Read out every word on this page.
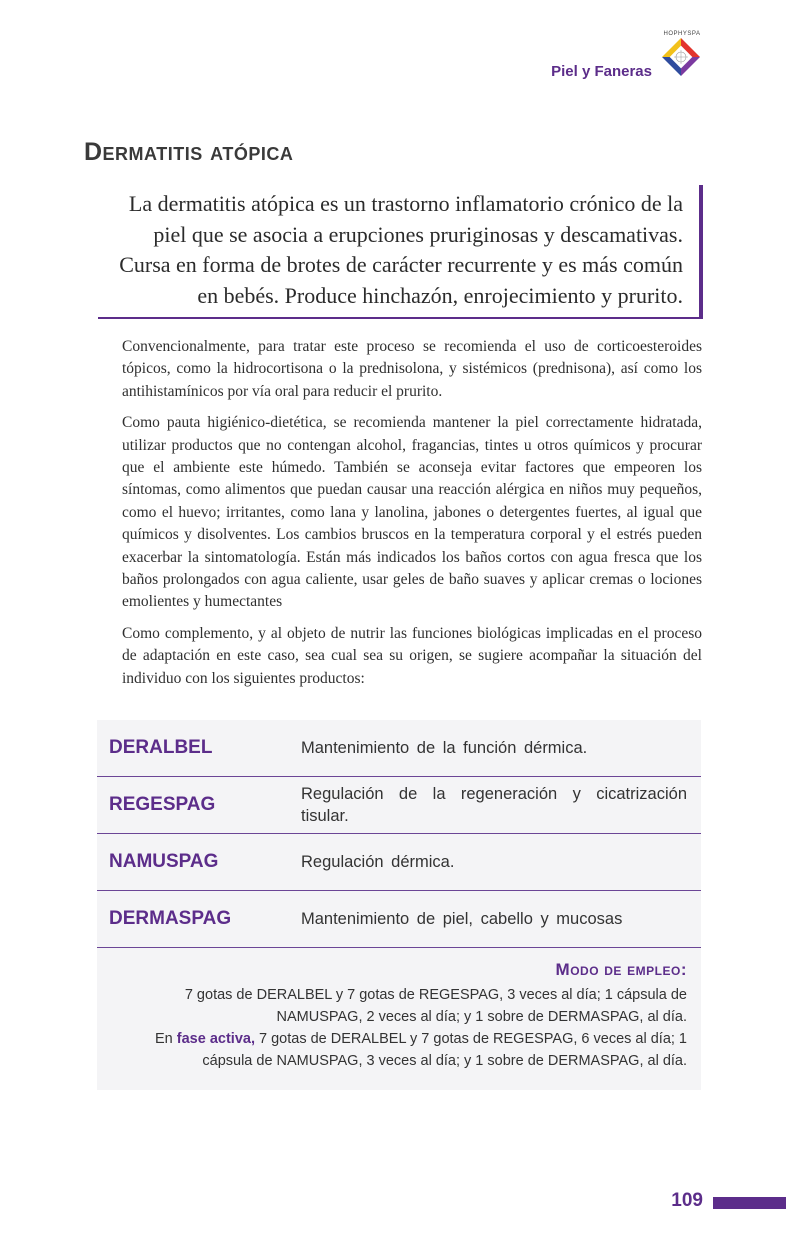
HOPHYSPA
Piel y Faneras
Dermatitis atópica

La dermatitis atópica es un trastorno inflamatorio crónico de la piel que se asocia a erupciones pruriginosas y descamativas. Cursa en forma de brotes de carácter recurrente y es más común en bebés. Produce hinchazón, enrojecimiento y prurito.

Convencionalmente, para tratar este proceso se recomienda el uso de corticoesteroides tópicos, como la hidrocortisona o la prednisolona, y sistémicos (prednisona), así como los antihistamínicos por vía oral para reducir el prurito.

Como pauta higiénico-dietética, se recomienda mantener la piel correctamente hidratada, utilizar productos que no contengan alcohol, fragancias, tintes u otros químicos y procurar que el ambiente este húmedo. También se aconseja evitar factores que empeoren los síntomas, como alimentos que puedan causar una reacción alérgica en niños muy pequeños, como el huevo; irritantes, como lana y lanolina, jabones o detergentes fuertes, al igual que químicos y disolventes. Los cambios bruscos en la temperatura corporal y el estrés pueden exacerbar la sintomatología. Están más indicados los baños cortos con agua fresca que los baños prolongados con agua caliente, usar geles de baño suaves y aplicar cremas o lociones emolientes y humectantes

Como complemento, y al objeto de nutrir las funciones biológicas implicadas en el proceso de adaptación en este caso, sea cual sea su origen, se sugiere acompañar la situación del individuo con los siguientes productos:

DERALBEL	Mantenimiento de la función dérmica.
REGESPAG	Regulación de la regeneración y cicatrización tisular.
NAMUSPAG	Regulación dérmica.
DERMASPAG	Mantenimiento de piel, cabello y mucosas
Modo de empleo:

7 gotas de DERALBEL y 7 gotas de REGESPAG, 3 veces al día; 1 cápsula de NAMUSPAG, 2 veces al día; y 1 sobre de DERMASPAG, al día.

En fase activa, 7 gotas de DERALBEL y 7 gotas de REGESPAG, 6 veces al día; 1 cápsula de NAMUSPAG, 3 veces al día; y 1 sobre de DERMASPAG, al día.

109
